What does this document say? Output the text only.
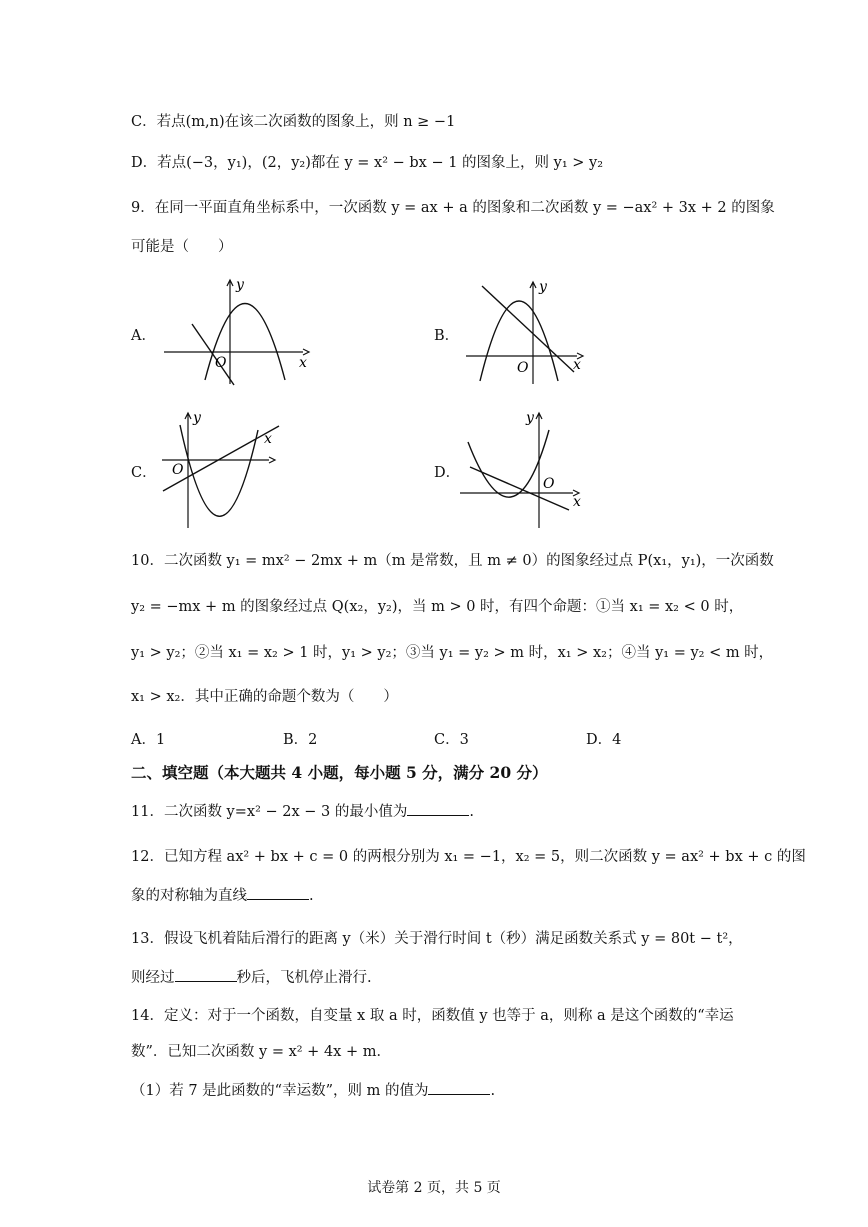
C．若点(m,n)在该二次函数的图象上，则 n ≥ −1
D．若点(−3，y₁)，(2，y₂)都在 y = x² − bx − 1 的图象上，则 y₁ > y₂
9．在同一平面直角坐标系中，一次函数 y = ax + a 的图象和二次函数 y = −ax² + 3x + 2 的图象
可能是（　　）
A．	B．
C．	D．
x
y
O	x
y
O
x
y
O
x
y
O
10．二次函数 y₁ = mx² − 2mx + m（m 是常数，且 m ≠ 0）的图象经过点 P(x₁，y₁)，一次函数
y₂ = −mx + m 的图象经过点 Q(x₂，y₂)，当 m > 0 时，有四个命题：①当 x₁ = x₂ < 0 时，
y₁ > y₂；②当 x₁ = x₂ > 1 时，y₁ > y₂；③当 y₁ = y₂ > m 时，x₁ > x₂；④当 y₁ = y₂ < m 时，
x₁ > x₂．其中正确的命题个数为（　　）
A．1	B．2	C．3	D．4
二、填空题（本大题共 4 小题，每小题 5 分，满分 20 分）
11．二次函数 y=x² − 2x − 3 的最小值为	.
12．已知方程 ax² + bx + c = 0 的两根分别为 x₁ = −1，x₂ = 5，则二次函数 y = ax² + bx + c 的图
象的对称轴为直线	.
13．假设飞机着陆后滑行的距离 y（米）关于滑行时间 t（秒）满足函数关系式 y = 80t − t²，
则经过	秒后，飞机停止滑行.
14．定义：对于一个函数，自变量 x 取 a 时，函数值 y 也等于 a，则称 a 是这个函数的“幸运
数”．已知二次函数 y = x² + 4x + m．
（1）若 7 是此函数的“幸运数”，则 m 的值为	.
试卷第 2 页，共 5 页
